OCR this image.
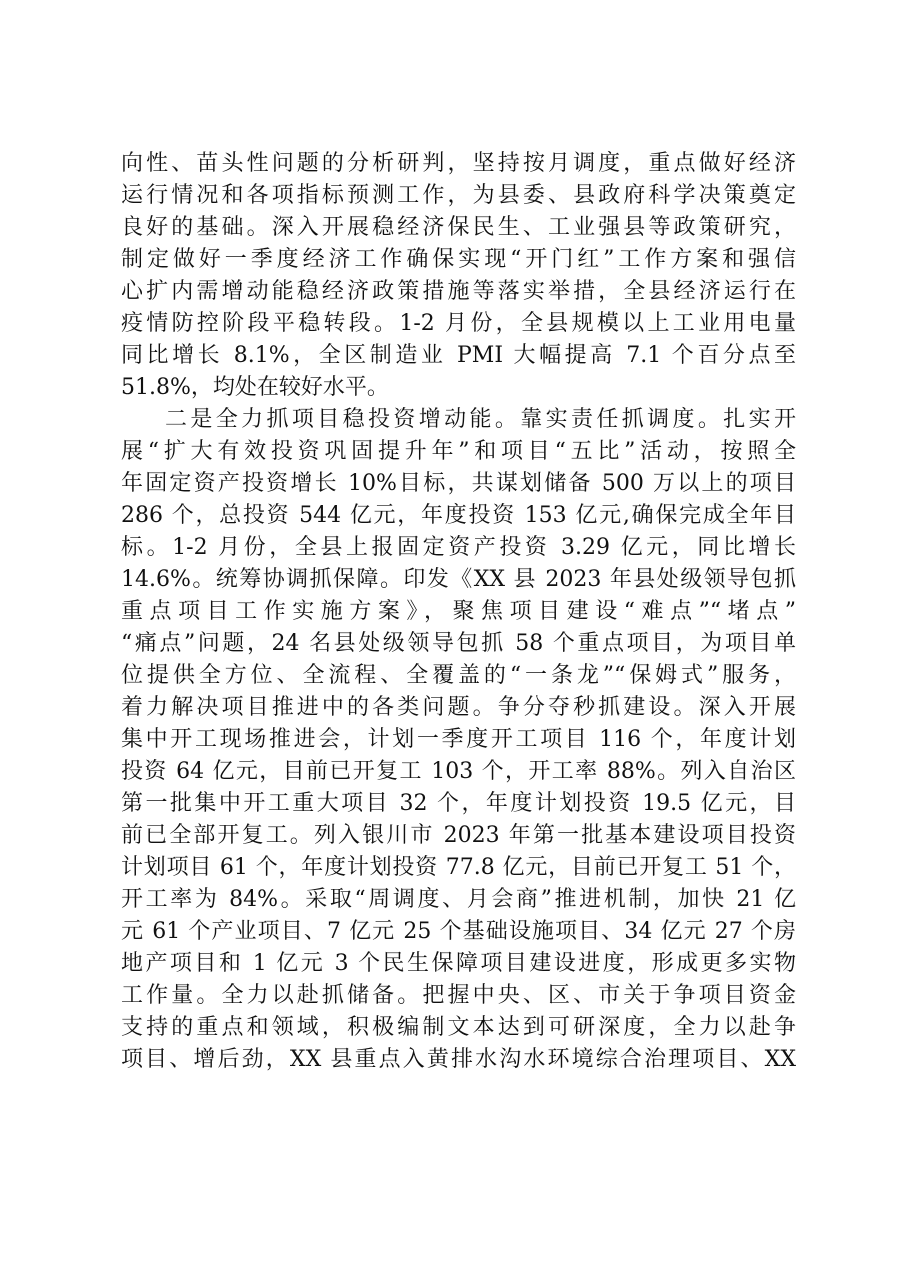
向性、苗头性问题的分析研判，坚持按月调度，重点做好经济
运行情况和各项指标预测工作，为县委、县政府科学决策奠定
良好的基础。深入开展稳经济保民生、工业强县等政策研究，
制定做好一季度经济工作确保实现“开门红”工作方案和强信
心扩内需增动能稳经济政策措施等落实举措，全县经济运行在
疫情防控阶段平稳转段。1-2 月份，全县规模以上工业用电量
同比增长 8.1%，全区制造业 PMI 大幅提高 7.1 个百分点至
51.8%，均处在较好水平。
二是全力抓项目稳投资增动能。靠实责任抓调度。扎实开
展“扩大有效投资巩固提升年”和项目“五比”活动，按照全
年固定资产投资增长 10%目标，共谋划储备 500 万以上的项目
286 个，总投资 544 亿元，年度投资 153 亿元,确保完成全年目
标。1-2 月份，全县上报固定资产投资 3.29 亿元，同比增长
14.6%。统筹协调抓保障。印发《XX 县 2023 年县处级领导包抓
重点项目工作实施方案》，聚焦项目建设“难点”“堵点”
“痛点”问题，24 名县处级领导包抓 58 个重点项目，为项目单
位提供全方位、全流程、全覆盖的“一条龙”“保姆式”服务，
着力解决项目推进中的各类问题。争分夺秒抓建设。深入开展
集中开工现场推进会，计划一季度开工项目 116 个，年度计划
投资 64 亿元，目前已开复工 103 个，开工率 88%。列入自治区
第一批集中开工重大项目 32 个，年度计划投资 19.5 亿元，目
前已全部开复工。列入银川市 2023 年第一批基本建设项目投资
计划项目 61 个，年度计划投资 77.8 亿元，目前已开复工 51 个，
开工率为 84%。采取“周调度、月会商”推进机制，加快 21 亿
元 61 个产业项目、7 亿元 25 个基础设施项目、34 亿元 27 个房
地产项目和 1 亿元 3 个民生保障项目建设进度，形成更多实物
工作量。全力以赴抓储备。把握中央、区、市关于争项目资金
支持的重点和领域，积极编制文本达到可研深度，全力以赴争
项目、增后劲，XX 县重点入黄排水沟水环境综合治理项目、XX
